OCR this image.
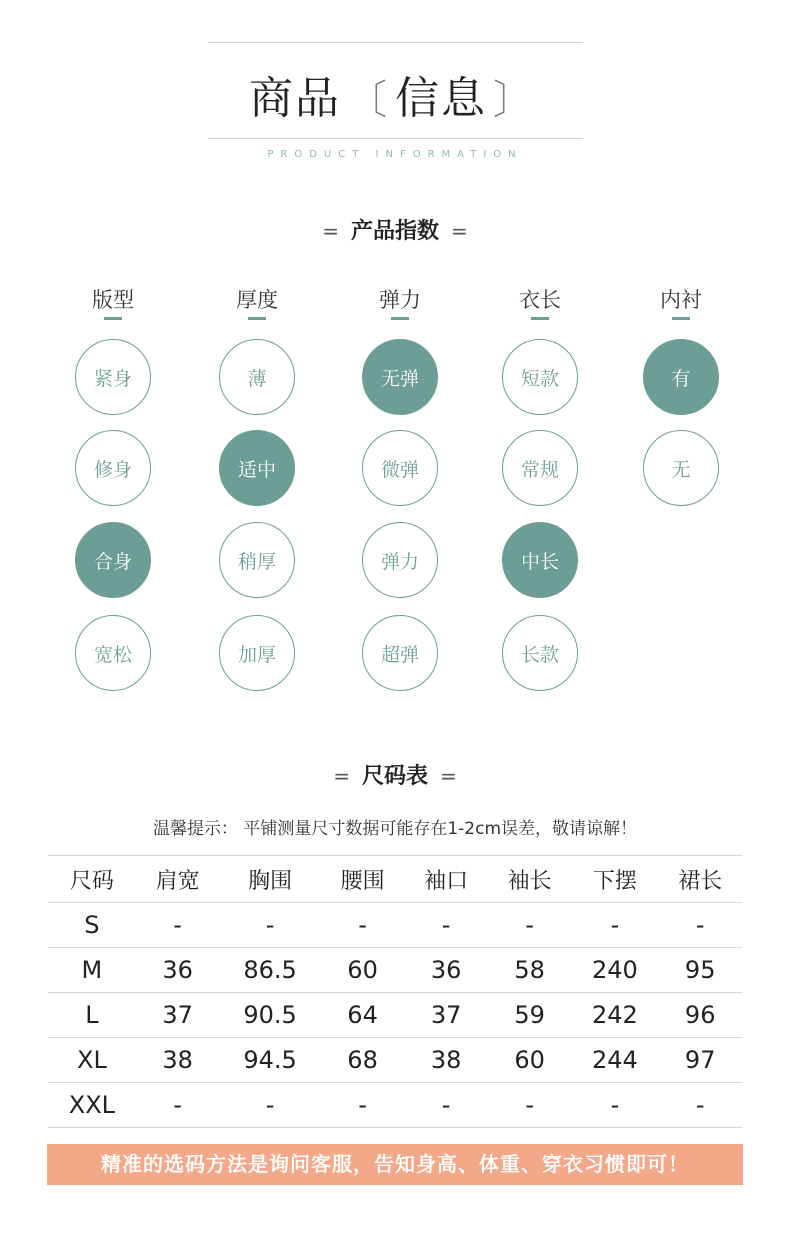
商品 〔 信息 〕
PRODUCT INFORMATION
= 产品指数 =
版型
紧身
修身
合身
宽松
厚度
薄
适中
稍厚
加厚
弹力
无弹
微弹
弹力
超弹
衣长
短款
常规
中长
长款
内衬
有
无
= 尺码表 =
温馨提示： 平铺测量尺寸数据可能存在1-2cm误差，敬请谅解！
尺码	肩宽	胸围	腰围	袖口	袖长	下摆	裙长
S	-	-	-	-	-	-	-
M	36	86.5	60	36	58	240	95
L	37	90.5	64	37	59	242	96
XL	38	94.5	68	38	60	244	97
XXL	-	-	-	-	-	-	-
精准的选码方法是询问客服，告知身高、体重、穿衣习惯即可！
